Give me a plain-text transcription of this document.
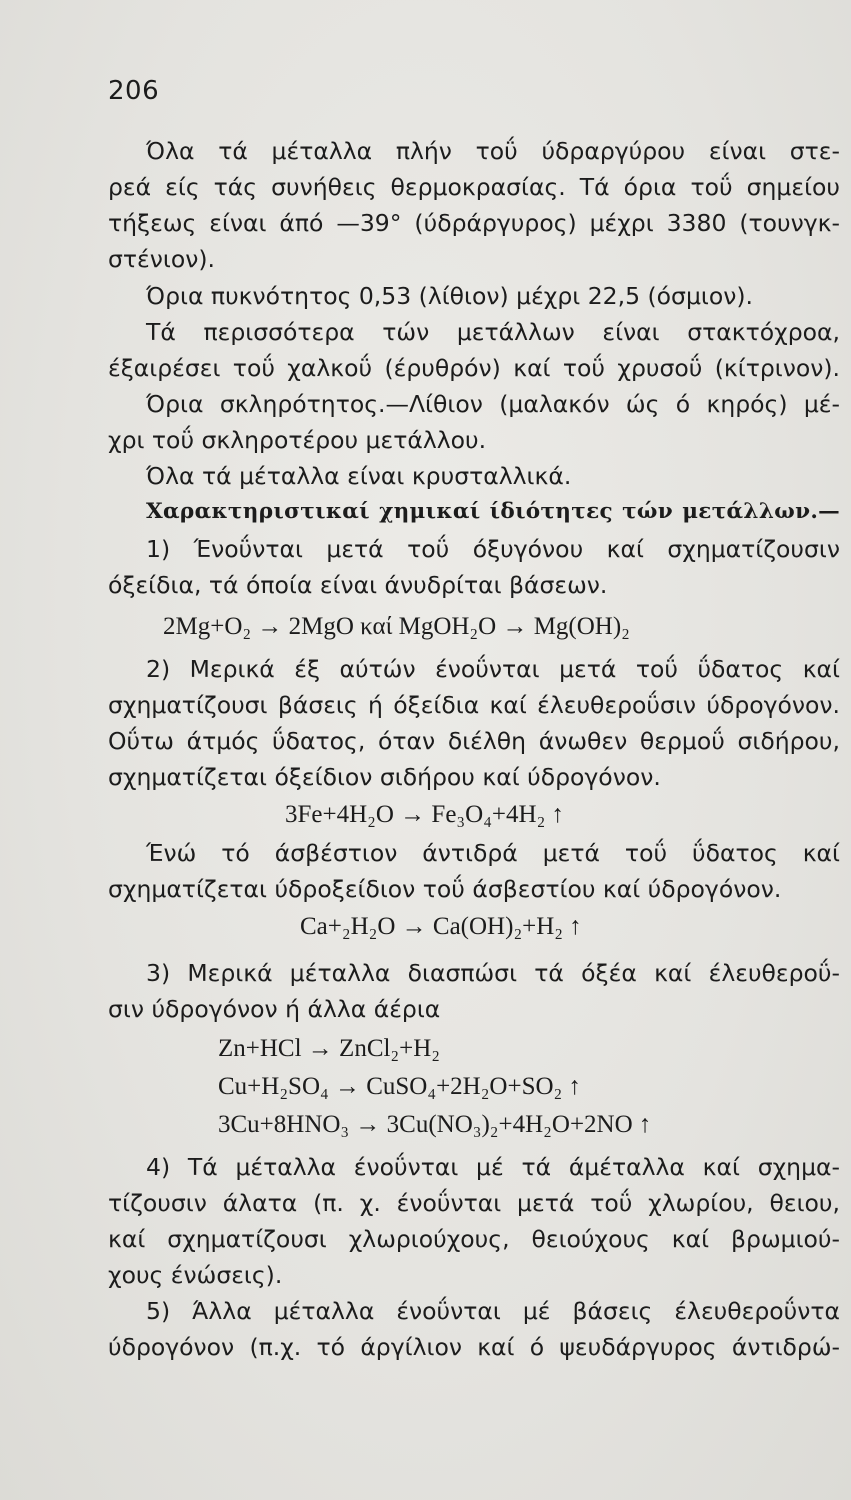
206
Όλα τά μέταλλα πλήν τοΰ ύδραργύρου είναι στε-
ρεά είς τάς συνήθεις θερμοκρασίας. Τά όρια τοΰ σημείου
τήξεως είναι άπό —39° (ύδράργυρος) μέχρι 3380 (τουνγκ-
στένιον).
Όρια πυκνότητος 0,53 (λίθιον) μέχρι 22,5 (όσμιον).
Τά περισσότερα τών μετάλλων είναι στακτόχροα,
έξαιρέσει τοΰ χαλκοΰ (έρυθρόν) καί τοΰ χρυσοΰ (κίτρινον).
Όρια σκληρότητος.—Λίθιον (μαλακόν ώς ό κηρός) μέ-
χρι τοΰ σκληροτέρου μετάλλου.
Όλα τά μέταλλα είναι κρυσταλλικά.
Χαρακτηριστικαί χημικαί ίδιότητες τών μετάλλων.—
1) Ένοΰνται μετά τοΰ όξυγόνου καί σχηματίζουσιν
όξείδια, τά όποία είναι άνυδρίται βάσεων.
2Mg+O₂ → 2MgO καί MgOH₂O → Mg(OH)₂
2) Μερικά έξ αύτών ένοΰνται μετά τοΰ ΰδατος καί
σχηματίζουσι βάσεις ή όξείδια καί έλευθεροΰσιν ύδρογόνον.
Οΰτω άτμός ΰδατος, όταν διέλθη άνωθεν θερμοΰ σιδήρου,
σχηματίζεται όξείδιον σιδήρου καί ύδρογόνον.
3Fe+4H₂O → Fe₃O₄+4H₂ ↑
Ένώ τό άσβέστιον άντιδρά μετά τοΰ ΰδατος καί
σχηματίζεται ύδροξείδιον τοΰ άσβεστίου καί ύδρογόνον.
Ca+₂H₂O → Ca(OH)₂+H₂ ↑
3) Μερικά μέταλλα διασπώσι τά όξέα καί έλευθεροΰ-
σιν ύδρογόνον ή άλλα άέρια
Zn+HCl → ZnCl₂+H₂
Cu+H₂SO₄ → CuSO₄+2H₂O+SO₂ ↑
3Cu+8HNO₃ → 3Cu(NO₃)₂+4H₂O+2NO ↑
4) Τά μέταλλα ένοΰνται μέ τά άμέταλλα καί σχημα-
τίζουσιν άλατα (π. χ. ένοΰνται μετά τοΰ χλωρίου, θειου,
καί σχηματίζουσι χλωριούχους, θειούχους καί βρωμιού-
χους ένώσεις).
5) Άλλα μέταλλα ένοΰνται μέ βάσεις έλευθεροΰντα
ύδρογόνον (π.χ. τό άργίλιον καί ό ψευδάργυρος άντιδρώ-
